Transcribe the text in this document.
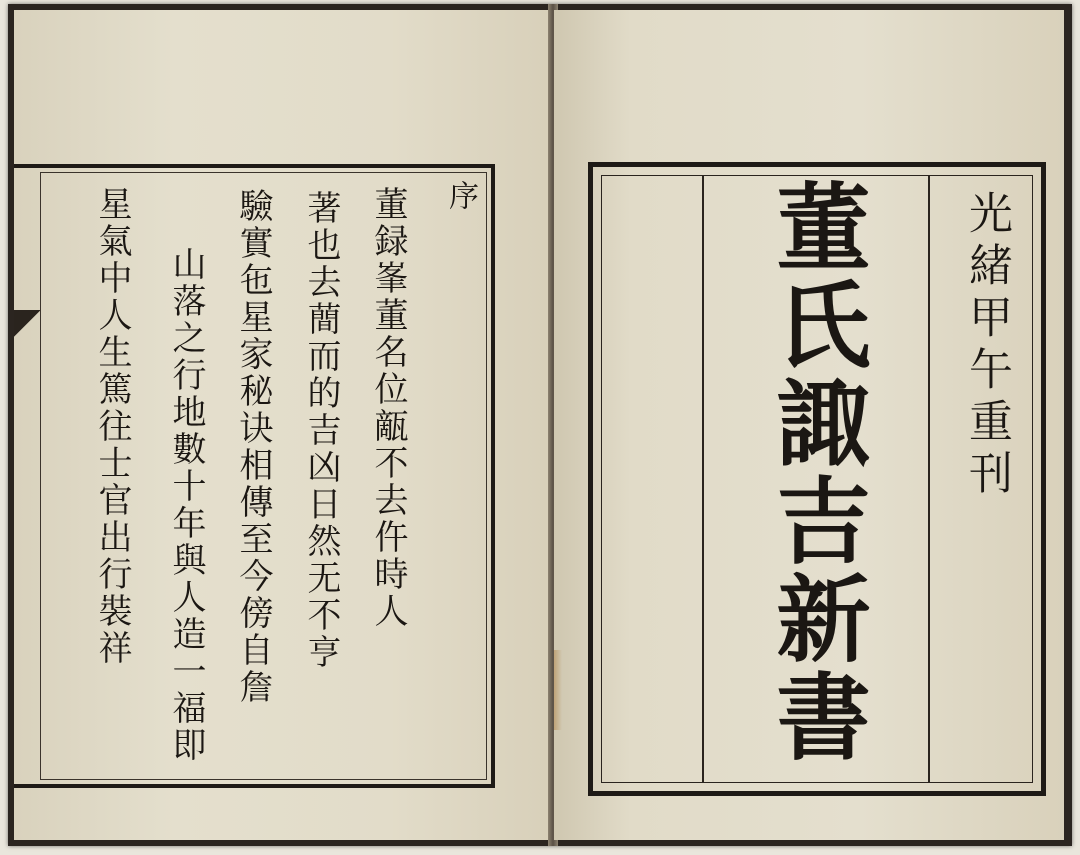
序
董録峯董名位甋不去仵時人
著也去蕳而的吉凶日然无不亨
驗實㐌星家秘诀相傳至今傍自詹
山落之行地數十年與人造一福即
星氣中人生篤往士官出行裝祥	光緒甲午重刊
董氏諏吉新書
